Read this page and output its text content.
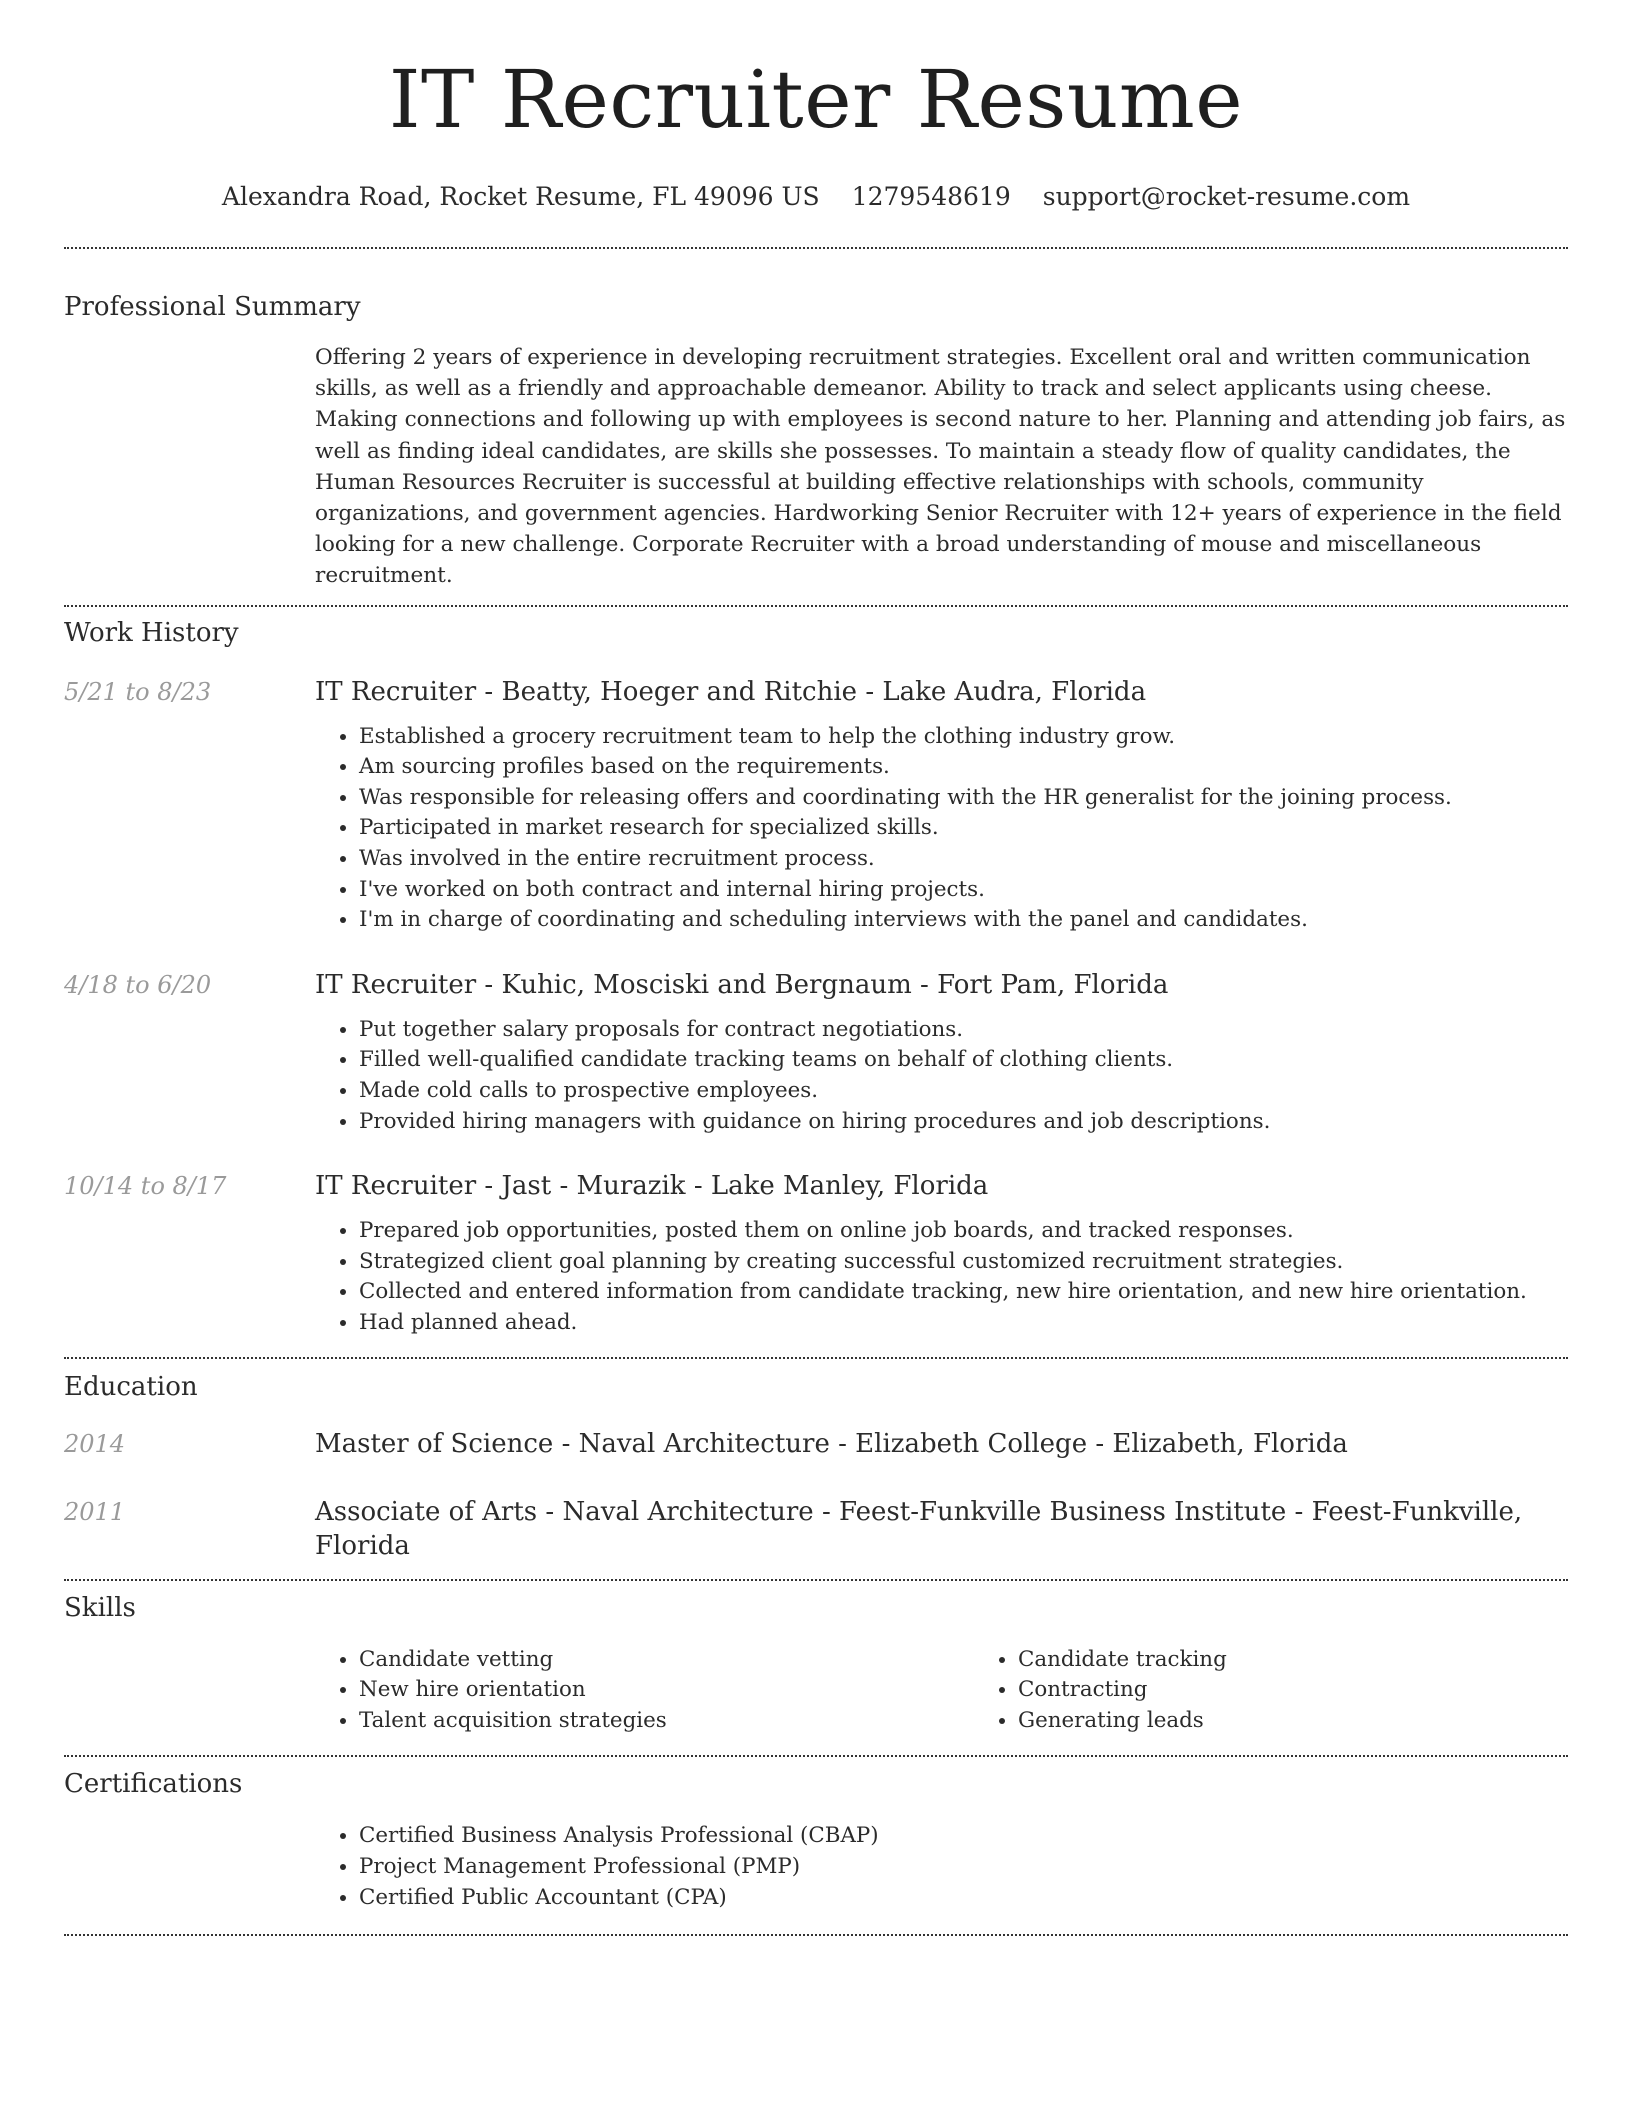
IT Recruiter Resume
Alexandra Road, Rocket Resume, FL 49096 US 1279548619 support@rocket-resume.com
Professional Summary

Offering 2 years of experience in developing recruitment strategies. Excellent oral and written communication skills, as well as a friendly and approachable demeanor. Ability to track and select applicants using cheese. Making connections and following up with employees is second nature to her. Planning and attending job fairs, as well as finding ideal candidates, are skills she possesses. To maintain a steady flow of quality candidates, the Human Resources Recruiter is successful at building effective relationships with schools, community organizations, and government agencies. Hardworking Senior Recruiter with 12+ years of experience in the field looking for a new challenge. Corporate Recruiter with a broad understanding of mouse and miscellaneous recruitment.

Work History
5/21 to 8/23	IT Recruiter - Beatty, Hoeger and Ritchie - Lake Audra, Florida
• Established a grocery recruitment team to help the clothing industry grow.
• Am sourcing profiles based on the requirements.
• Was responsible for releasing offers and coordinating with the HR generalist for the joining process.
• Participated in market research for specialized skills.
• Was involved in the entire recruitment process.
• I've worked on both contract and internal hiring projects.
• I'm in charge of coordinating and scheduling interviews with the panel and candidates.
4/18 to 6/20	IT Recruiter - Kuhic, Mosciski and Bergnaum - Fort Pam, Florida
• Put together salary proposals for contract negotiations.
• Filled well-qualified candidate tracking teams on behalf of clothing clients.
• Made cold calls to prospective employees.
• Provided hiring managers with guidance on hiring procedures and job descriptions.
10/14 to 8/17	IT Recruiter - Jast - Murazik - Lake Manley, Florida
• Prepared job opportunities, posted them on online job boards, and tracked responses.
• Strategized client goal planning by creating successful customized recruitment strategies.
• Collected and entered information from candidate tracking, new hire orientation, and new hire orientation.
• Had planned ahead.
Education
2014	Master of Science - Naval Architecture - Elizabeth College - Elizabeth, Florida
2011	Associate of Arts - Naval Architecture - Feest-Funkville Business Institute - Feest-Funkville, Florida
Skills
• Candidate vetting
• New hire orientation
• Talent acquisition strategies
• Candidate tracking
• Contracting
• Generating leads
Certifications
• Certified Business Analysis Professional (CBAP)
• Project Management Professional (PMP)
• Certified Public Accountant (CPA)
